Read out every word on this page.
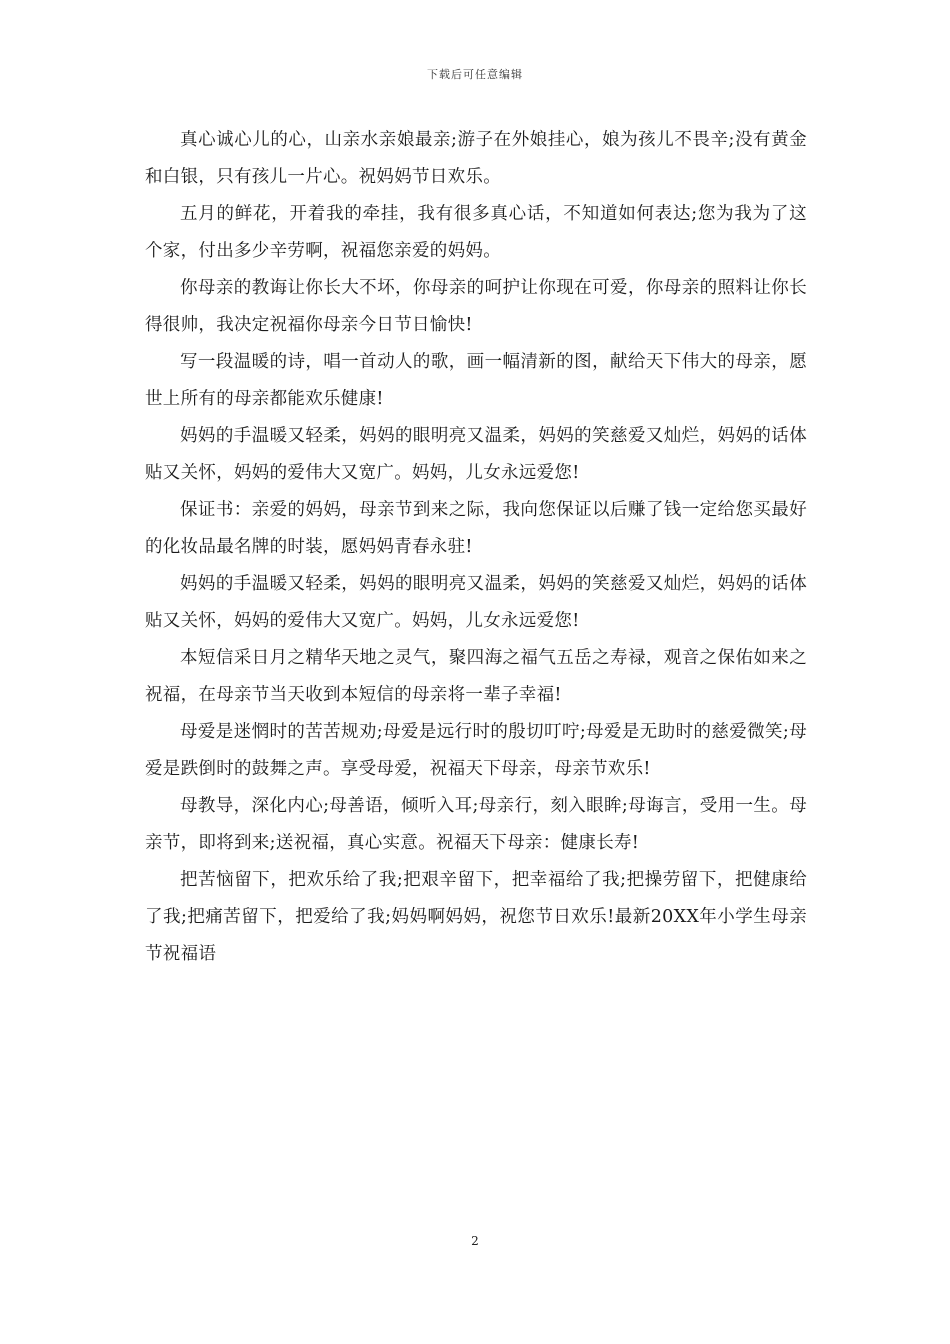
下载后可任意编辑

真心诚心儿的心，山亲水亲娘最亲;游子在外娘挂心，娘为孩儿不畏辛;没有黄金和白银，只有孩儿一片心。祝妈妈节日欢乐。

五月的鲜花，开着我的牵挂，我有很多真心话，不知道如何表达;您为我为了这个家，付出多少辛劳啊，祝福您亲爱的妈妈。

你母亲的教诲让你长大不坏，你母亲的呵护让你现在可爱，你母亲的照料让你长得很帅，我决定祝福你母亲今日节日愉快!

写一段温暖的诗，唱一首动人的歌，画一幅清新的图，献给天下伟大的母亲，愿世上所有的母亲都能欢乐健康!

妈妈的手温暖又轻柔，妈妈的眼明亮又温柔，妈妈的笑慈爱又灿烂，妈妈的话体贴又关怀，妈妈的爱伟大又宽广。妈妈，儿女永远爱您!

保证书：亲爱的妈妈，母亲节到来之际，我向您保证以后赚了钱一定给您买最好的化妆品最名牌的时装，愿妈妈青春永驻!

妈妈的手温暖又轻柔，妈妈的眼明亮又温柔，妈妈的笑慈爱又灿烂，妈妈的话体贴又关怀，妈妈的爱伟大又宽广。妈妈，儿女永远爱您!

本短信采日月之精华天地之灵气，聚四海之福气五岳之寿禄，观音之保佑如来之祝福，在母亲节当天收到本短信的母亲将一辈子幸福!

母爱是迷惘时的苦苦规劝;母爱是远行时的殷切叮咛;母爱是无助时的慈爱微笑;母爱是跌倒时的鼓舞之声。享受母爱，祝福天下母亲，母亲节欢乐!

母教导，深化内心;母善语，倾听入耳;母亲行，刻入眼眸;母诲言，受用一生。母亲节，即将到来;送祝福，真心实意。祝福天下母亲：健康长寿!

把苦恼留下，把欢乐给了我;把艰辛留下，把幸福给了我;把操劳留下，把健康给了我;把痛苦留下，把爱给了我;妈妈啊妈妈，祝您节日欢乐!最新20XX年小学生母亲节祝福语

2
